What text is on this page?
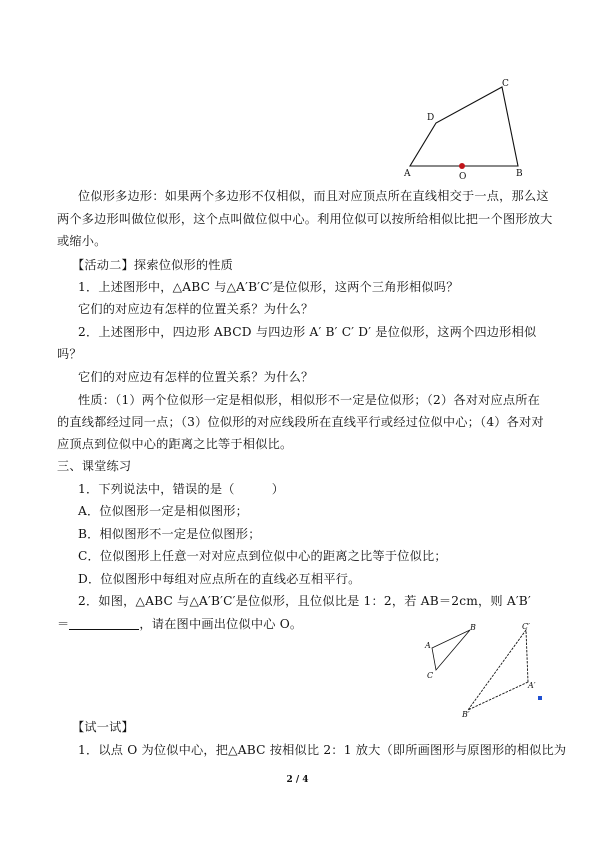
A	B
C
D
O
位似形多边形：如果两个多边形不仅相似，而且对应顶点所在直线相交于一点，那么这
两个多边形叫做位似形，这个点叫做位似中心。利用位似可以按所给相似比把一个图形放大
或缩小。
【活动二】探索位似形的性质
1．上述图形中，△ABC 与△A′B′C′是位似形，这两个三角形相似吗？
它们的对应边有怎样的位置关系？为什么？
2．上述图形中，四边形 ABCD 与四边形 A′ B′ C′ D′ 是位似形，这两个四边形相似
吗？
它们的对应边有怎样的位置关系？为什么？
性质：（1）两个位似形一定是相似形，相似形不一定是位似形；（2）各对对应点所在
的直线都经过同一点；（3）位似形的对应线段所在直线平行或经过位似中心；（4）各对对
应顶点到位似中心的距离之比等于相似比。
三、课堂练习
1．下列说法中，错误的是（　　　）
A．位似图形一定是相似图形；
B．相似图形不一定是位似图形；
C．位似图形上任意一对对应点到位似中心的距离之比等于位似比；
D．位似图形中每组对应点所在的直线必互相平行。
2．如图，△ABC 与△A′B′C′是位似形，且位似比是 1：2，若 AB＝2cm，则 A′B′
＝	，请在图中画出位似中心 O。
A
B
C
A′
B′
C′
【试一试】
1．以点 O 为位似中心，把△ABC 按相似比 2：1 放大（即所画图形与原图形的相似比为
2 / 4
